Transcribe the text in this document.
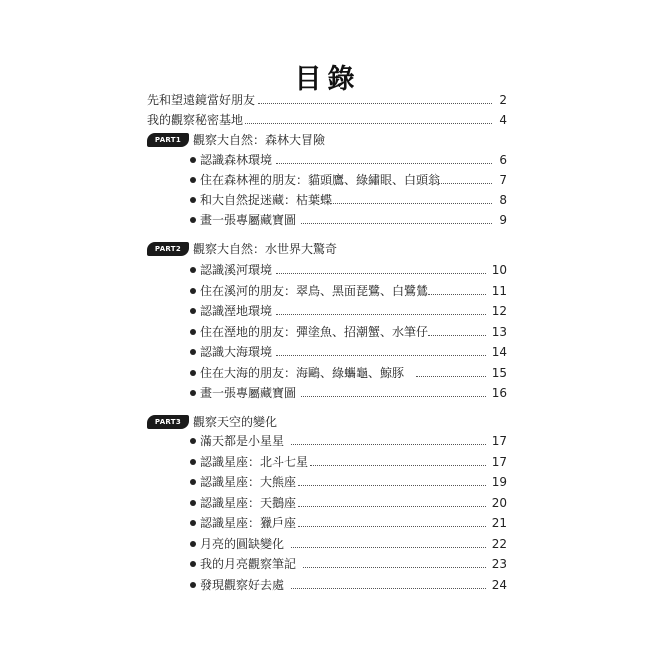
目錄
先和望遠鏡當好朋友	2
我的觀察秘密基地	4
PART1 觀察大自然：森林大冒險
認識森林環境	6
住在森林裡的朋友：貓頭鷹、綠繡眼、白頭翁	7
和大自然捉迷藏：枯葉蝶	8
畫一張專屬藏寶圖	9
PART2 觀察大自然：水世界大驚奇
認識溪河環境	10
住在溪河的朋友：翠鳥、黑面琵鷺、白鷺鷥	11
認識溼地環境	12
住在溼地的朋友：彈塗魚、招潮蟹、水筆仔	13
認識大海環境	14
住在大海的朋友：海鷗、綠蠵龜、鯨豚	15
畫一張專屬藏寶圖	16
PART3 觀察天空的變化
滿天都是小星星	17
認識星座：北斗七星	17
認識星座：大熊座	19
認識星座：天鵝座	20
認識星座：獵戶座	21
月亮的圓缺變化	22
我的月亮觀察筆記	23
發現觀察好去處	24
